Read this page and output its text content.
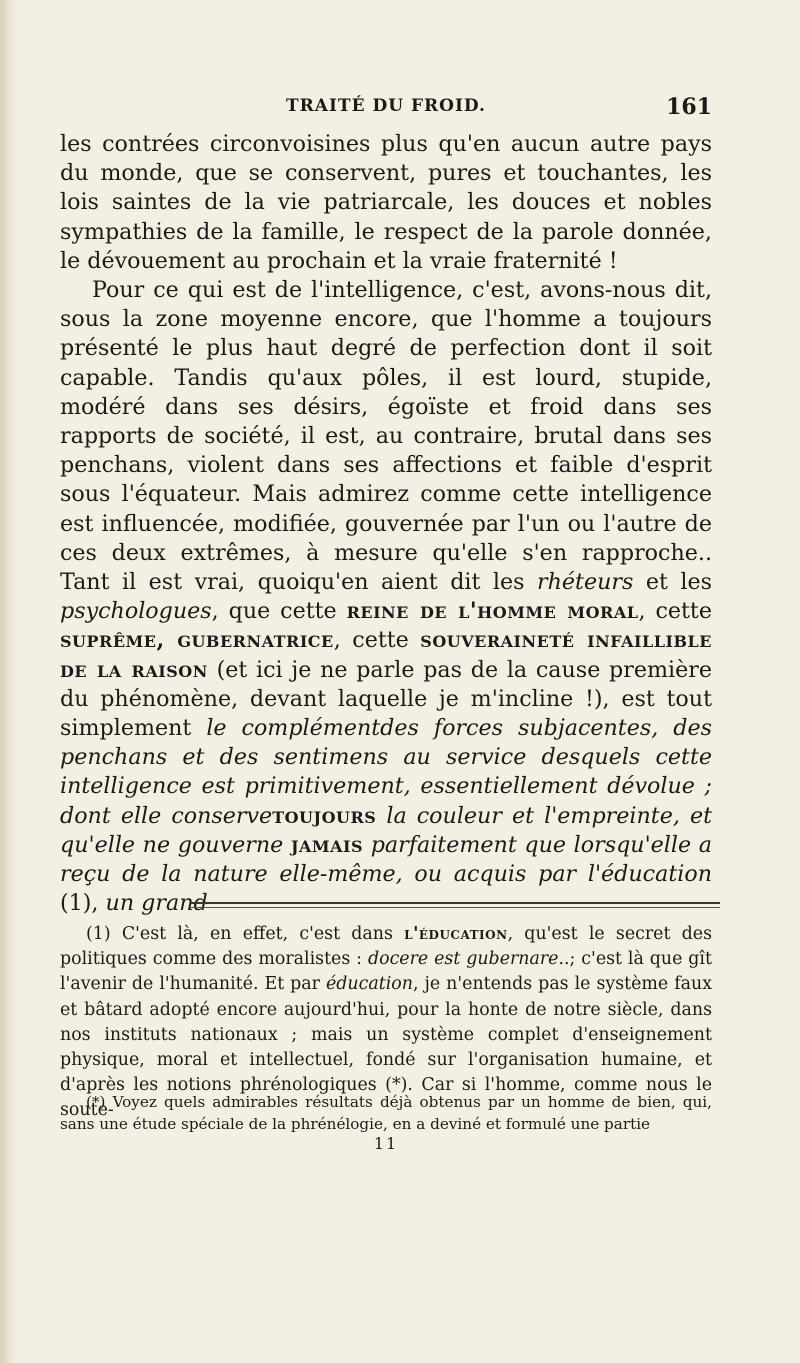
TRAITÉ DU FROID.	161

les contrées circonvoisines plus qu'en aucun autre pays du monde, que se conservent, pures et touchantes, les lois saintes de la vie patriarcale, les douces et nobles sympathies de la famille, le respect de la parole donnée, le dévouement au prochain et la vraie fraternité !

Pour ce qui est de l'intelligence, c'est, avons-nous dit, sous la zone moyenne encore, que l'homme a toujours présenté le plus haut degré de perfection dont il soit capable. Tandis qu'aux pôles, il est lourd, stupide, modéré dans ses désirs, égoïste et froid dans ses rapports de société, il est, au contraire, brutal dans ses penchans, violent dans ses affections et faible d'esprit sous l'équateur. Mais admirez comme cette intelligence est influencée, modifiée, gouvernée par l'un ou l'autre de ces deux extrêmes, à mesure qu'elle s'en rapproche.. Tant il est vrai, quoiqu'en aient dit les rhéteurs et les psychologues, que cette reine de l'homme moral, cette suprême, gubernatrice, cette souveraineté infaillible de la raison (et ici je ne parle pas de la cause première du phénomène, devant laquelle je m'incline !), est tout simplement le complémentdes forces subjacentes, des penchans et des sentimens au service desquels cette intelligence est primitivement, essentiellement dévolue ; dont elle conservetoujours la couleur et l'empreinte, et qu'elle ne gouverne jamais parfaitement que lorsqu'elle a reçu de la nature elle-même, ou acquis par l'éducation (1), un grand

(1) C'est là, en effet, c'est dans l'éducation, qu'est le secret des politiques comme des moralistes : docere est gubernare..; c'est là que gît l'avenir de l'humanité. Et par éducation, je n'entends pas le système faux et bâtard adopté encore aujourd'hui, pour la honte de notre siècle, dans nos instituts nationaux ; mais un système complet d'enseignement physique, moral et intellectuel, fondé sur l'organisation humaine, et d'après les notions phrénologiques (*). Car si l'homme, comme nous le soute-

(*) Voyez quels admirables résultats déjà obtenus par un homme de bien, qui, sans une étude spéciale de la phrénélogie, en a deviné et formulé une partie

11
